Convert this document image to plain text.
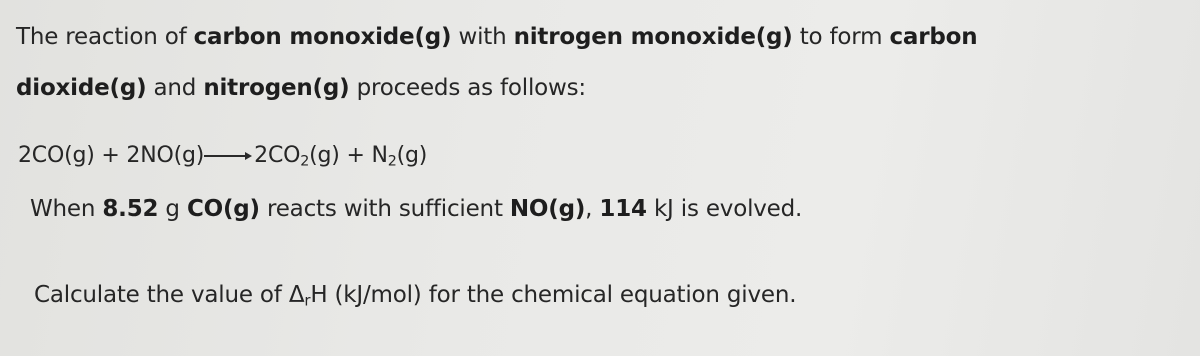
The reaction of carbon monoxide(g) with nitrogen monoxide(g) to form carbon
dioxide(g) and nitrogen(g) proceeds as follows:
2CO(g) + 2NO(g) $2CO_2(g) + N_2(g)$
When 8.52 g CO(g) reacts with sufficient NO(g), 114 kJ is evolved.
Calculate the value of $\Delta_rH$ (kJ/mol) for the chemical equation given.
